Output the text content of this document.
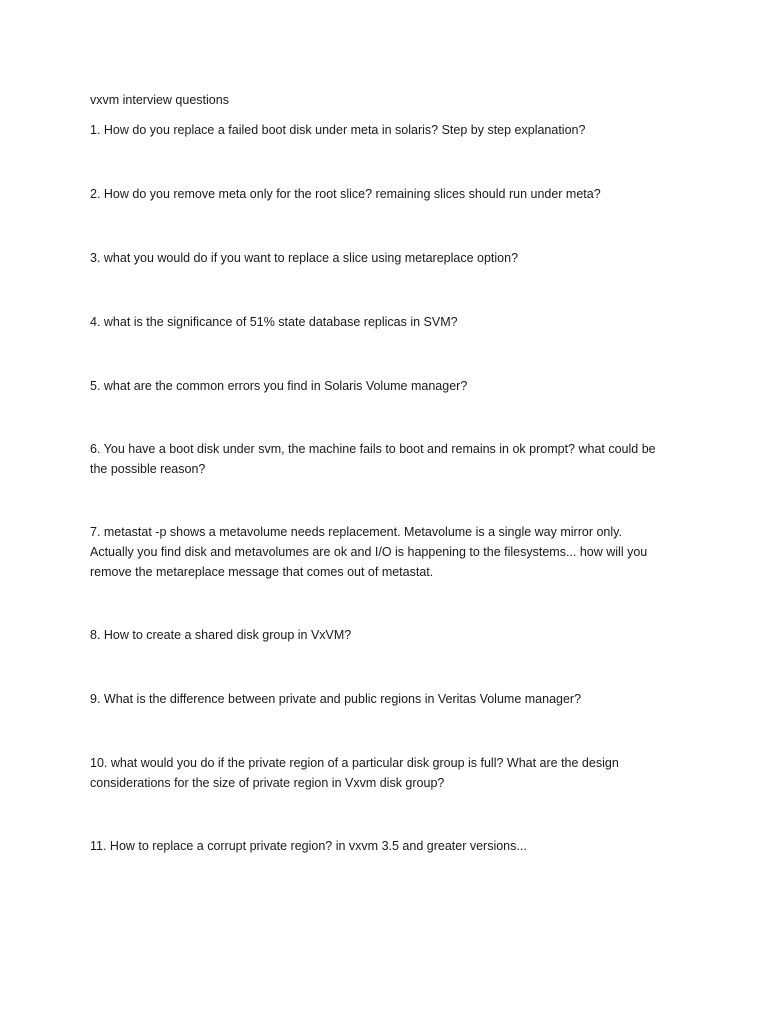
vxvm interview questions
1. How do you replace a failed boot disk under meta in solaris? Step by step explanation?
2. How do you remove meta only for the root slice? remaining slices should run under meta?
3. what you would do if you want to replace a slice using metareplace option?
4. what is the significance of 51% state database replicas in SVM?
5. what are the common errors you find in Solaris Volume manager?
6. You have a boot disk under svm, the machine fails to boot and remains in ok prompt? what could be
the possible reason?
7. metastat -p shows a metavolume needs replacement. Metavolume is a single way mirror only.
Actually you find disk and metavolumes are ok and I/O is happening to the filesystems... how will you
remove the metareplace message that comes out of metastat.
8. How to create a shared disk group in VxVM?
9. What is the difference between private and public regions in Veritas Volume manager?
10. what would you do if the private region of a particular disk group is full? What are the design
considerations for the size of private region in Vxvm disk group?
11. How to replace a corrupt private region? in vxvm 3.5 and greater versions...
